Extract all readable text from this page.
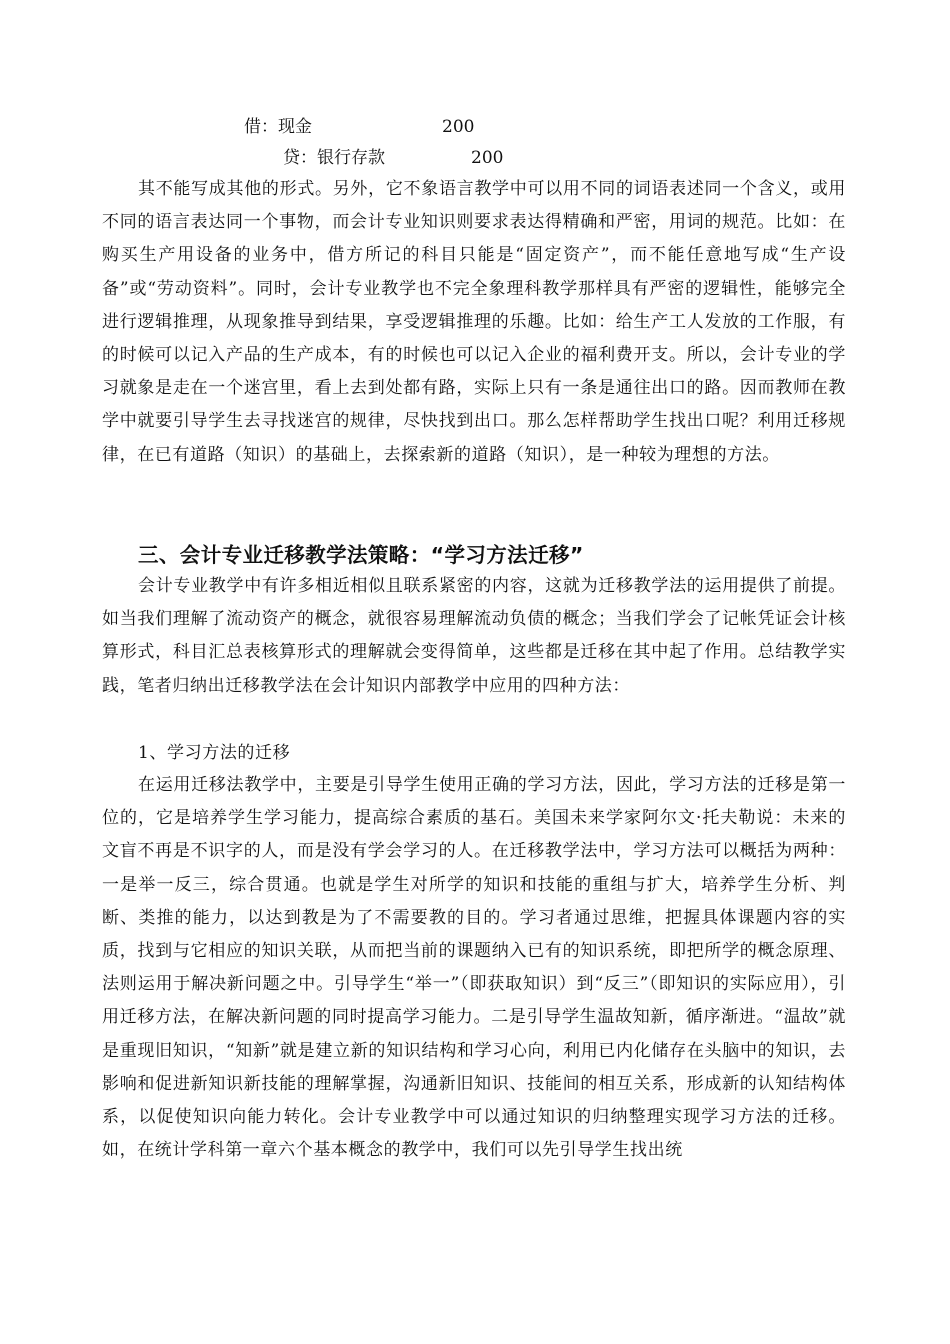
借：现金	200
贷：银行存款	200
其不能写成其他的形式。另外，它不象语言教学中可以用不同的词语表述同一个含义，或用不同的语言表达同一个事物，而会计专业知识则要求表达得精确和严密，用词的规范。比如：在购买生产用设备的业务中，借方所记的科目只能是“固定资产”，而不能任意地写成“生产设备”或“劳动资料”。同时，会计专业教学也不完全象理科教学那样具有严密的逻辑性，能够完全进行逻辑推理，从现象推导到结果，享受逻辑推理的乐趣。比如：给生产工人发放的工作服，有的时候可以记入产品的生产成本，有的时候也可以记入企业的福利费开支。所以，会计专业的学习就象是走在一个迷宫里，看上去到处都有路，实际上只有一条是通往出口的路。因而教师在教学中就要引导学生去寻找迷宫的规律，尽快找到出口。那么怎样帮助学生找出口呢？利用迁移规律，在已有道路（知识）的基础上，去探索新的道路（知识），是一种较为理想的方法。
三、会计专业迁移教学法策略：“学习方法迁移”
会计专业教学中有许多相近相似且联系紧密的内容，这就为迁移教学法的运用提供了前提。如当我们理解了流动资产的概念，就很容易理解流动负债的概念；当我们学会了记帐凭证会计核算形式，科目汇总表核算形式的理解就会变得简单，这些都是迁移在其中起了作用。总结教学实践，笔者归纳出迁移教学法在会计知识内部教学中应用的四种方法：
1、学习方法的迁移
在运用迁移法教学中，主要是引导学生使用正确的学习方法，因此，学习方法的迁移是第一位的，它是培养学生学习能力，提高综合素质的基石。美国未来学家阿尔文·托夫勒说：未来的文盲不再是不识字的人，而是没有学会学习的人。在迁移教学法中，学习方法可以概括为两种：一是举一反三，综合贯通。也就是学生对所学的知识和技能的重组与扩大，培养学生分析、判断、类推的能力，以达到教是为了不需要教的目的。学习者通过思维，把握具体课题内容的实质，找到与它相应的知识关联，从而把当前的课题纳入已有的知识系统，即把所学的概念原理、法则运用于解决新问题之中。引导学生“举一”（即获取知识）到“反三”（即知识的实际应用），引用迁移方法，在解决新问题的同时提高学习能力。二是引导学生温故知新，循序渐进。“温故”就是重现旧知识，“知新”就是建立新的知识结构和学习心向，利用已内化储存在头脑中的知识，去影响和促进新知识新技能的理解掌握，沟通新旧知识、技能间的相互关系，形成新的认知结构体系，以促使知识向能力转化。会计专业教学中可以通过知识的归纳整理实现学习方法的迁移。如，在统计学科第一章六个基本概念的教学中，我们可以先引导学生找出统
